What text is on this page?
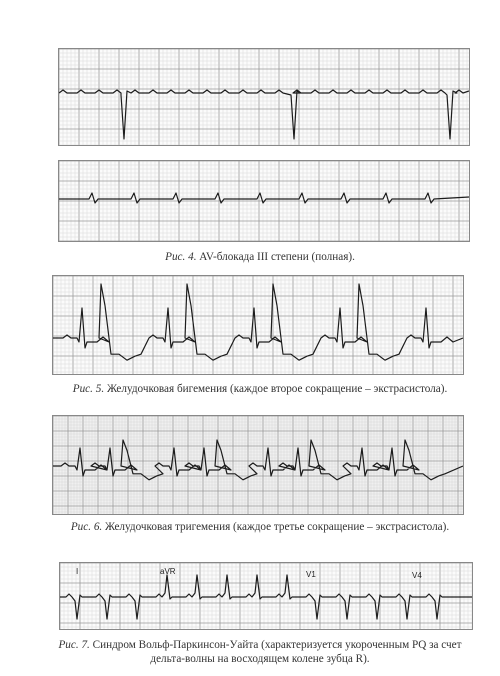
Рис. 4. AV-блокада III степени (полная).
Рис. 5. Желудочковая бигемения (каждое второе сокращение – экстрасистола).
Рис. 6. Желудочковая тригемения (каждое третье сокращение – экстрасистола).
I	aVR	V1	V4
Рис. 7. Синдром Вольф-Паркинсон-Уайта (характеризуется укороченным PQ за счет дельта-волны на восходящем колене зубца R).
